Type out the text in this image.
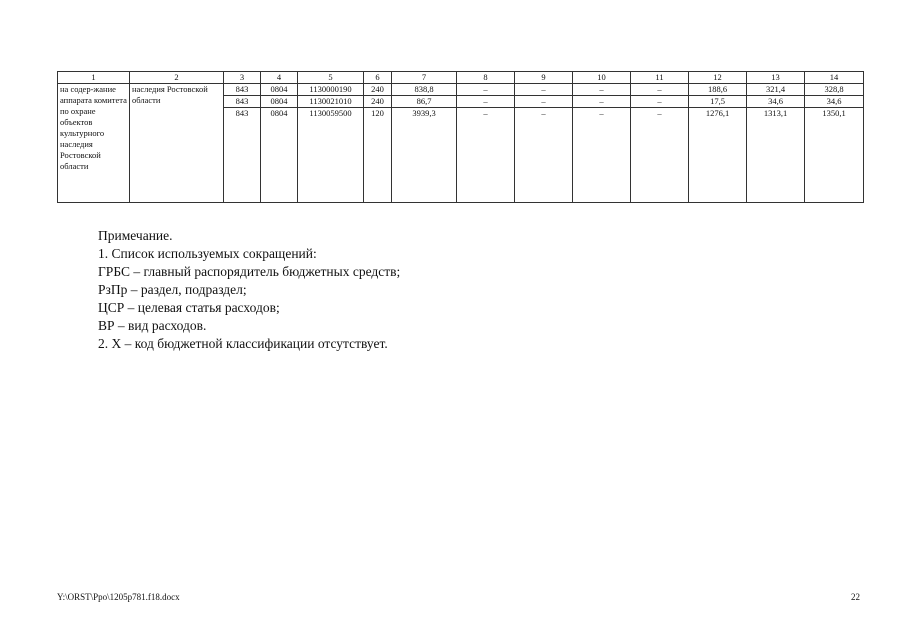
1	2	3	4	5	6	7	8	9	10	11	12	13	14
на содер-жание аппарата комитета по охране объектов культурного наследия Ростовской области	наследия Ростовской области	843	0804	1130000190	240	838,8	–	–	–	–	188,6	321,4	328,8
		843	0804	1130021010	240	86,7	–	–	–	–	17,5	34,6	34,6
		843	0804	1130059500	120	3939,3	–	–	–	–	1276,1	1313,1	1350,1
Примечание.
1. Список используемых сокращений:
ГРБС – главный распорядитель бюджетных средств;
РзПр – раздел, подраздел;
ЦСР – целевая статья расходов;
ВР – вид расходов.
2. Х – код бюджетной классификации отсутствует.
Y:\ORST\Ppo\1205p781.f18.docx	22
